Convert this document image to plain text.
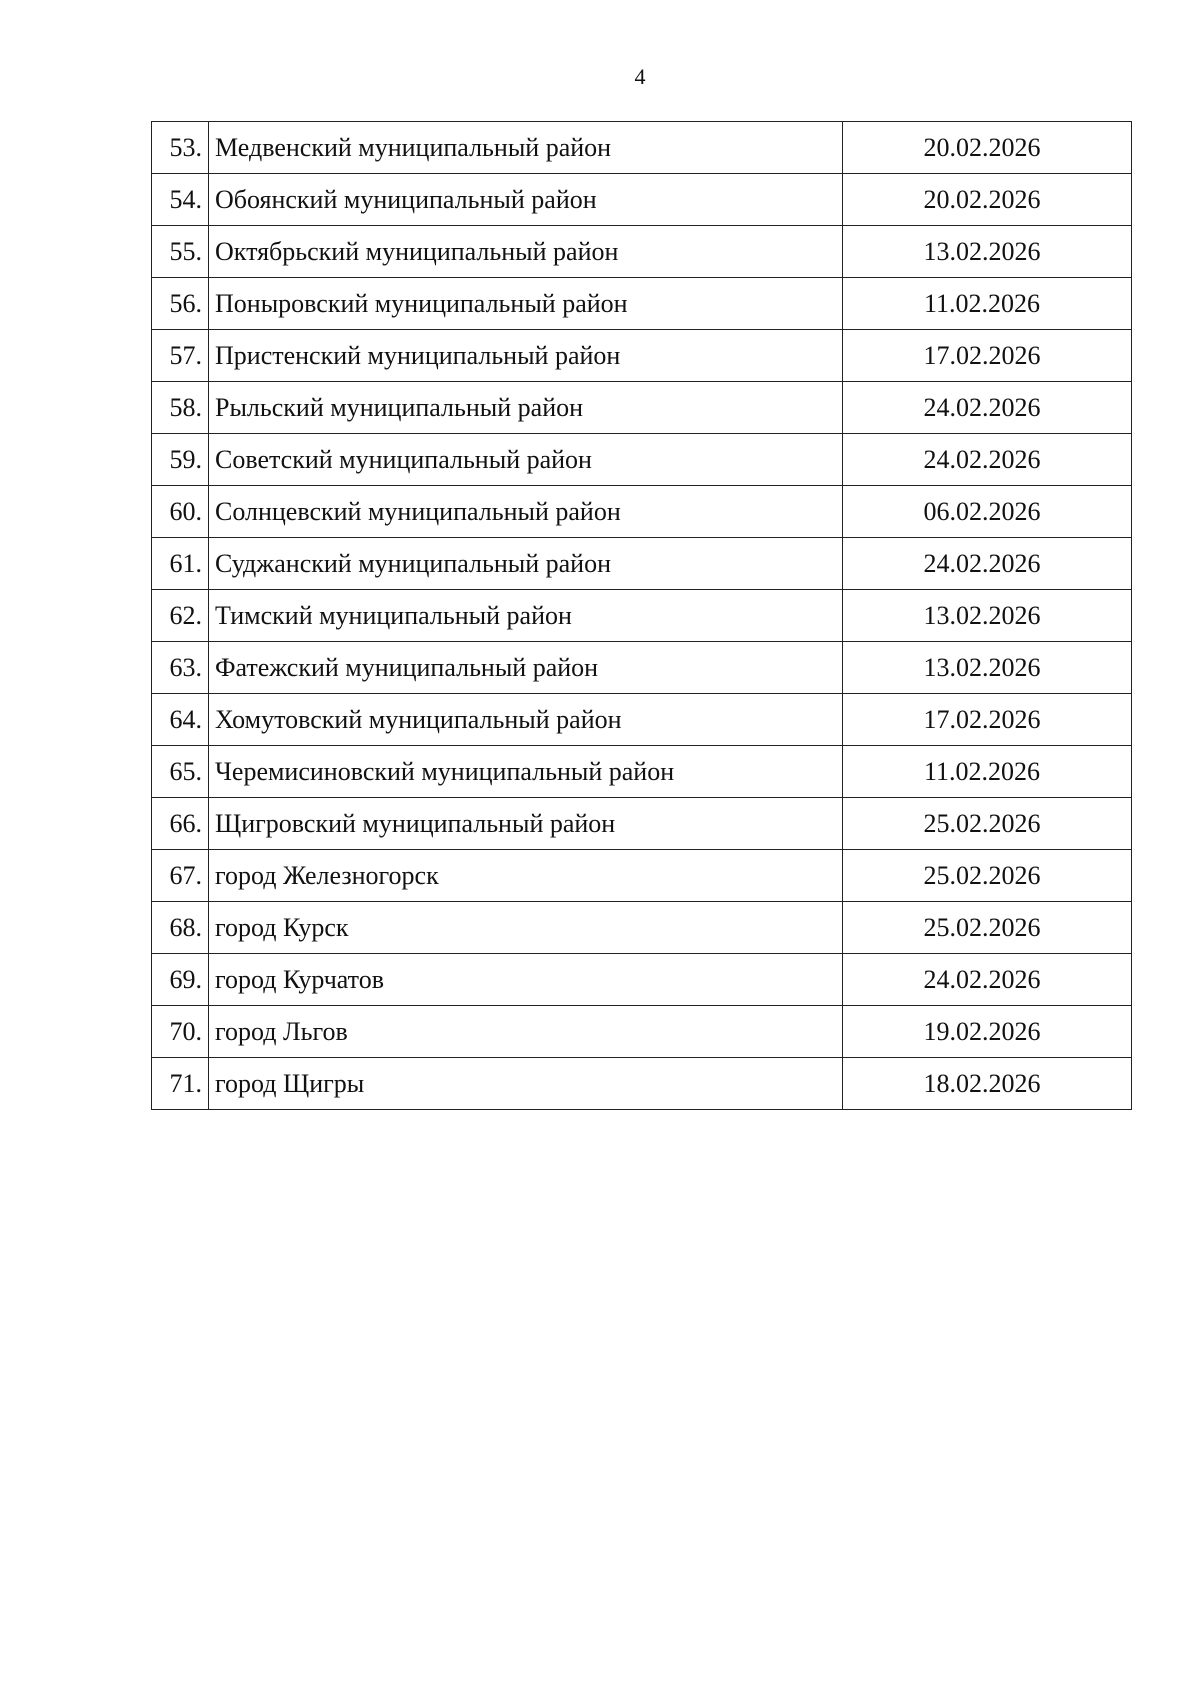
4
53.	Медвенский муниципальный район	20.02.2026
54.	Обоянский муниципальный район	20.02.2026
55.	Октябрьский муниципальный район	13.02.2026
56.	Поныровский муниципальный район	11.02.2026
57.	Пристенский муниципальный район	17.02.2026
58.	Рыльский муниципальный район	24.02.2026
59.	Советский муниципальный район	24.02.2026
60.	Солнцевский муниципальный район	06.02.2026
61.	Суджанский муниципальный район	24.02.2026
62.	Тимский муниципальный район	13.02.2026
63.	Фатежский муниципальный район	13.02.2026
64.	Хомутовский муниципальный район	17.02.2026
65.	Черемисиновский муниципальный район	11.02.2026
66.	Щигровский муниципальный район	25.02.2026
67.	город Железногорск	25.02.2026
68.	город Курск	25.02.2026
69.	город Курчатов	24.02.2026
70.	город Льгов	19.02.2026
71.	город Щигры	18.02.2026
